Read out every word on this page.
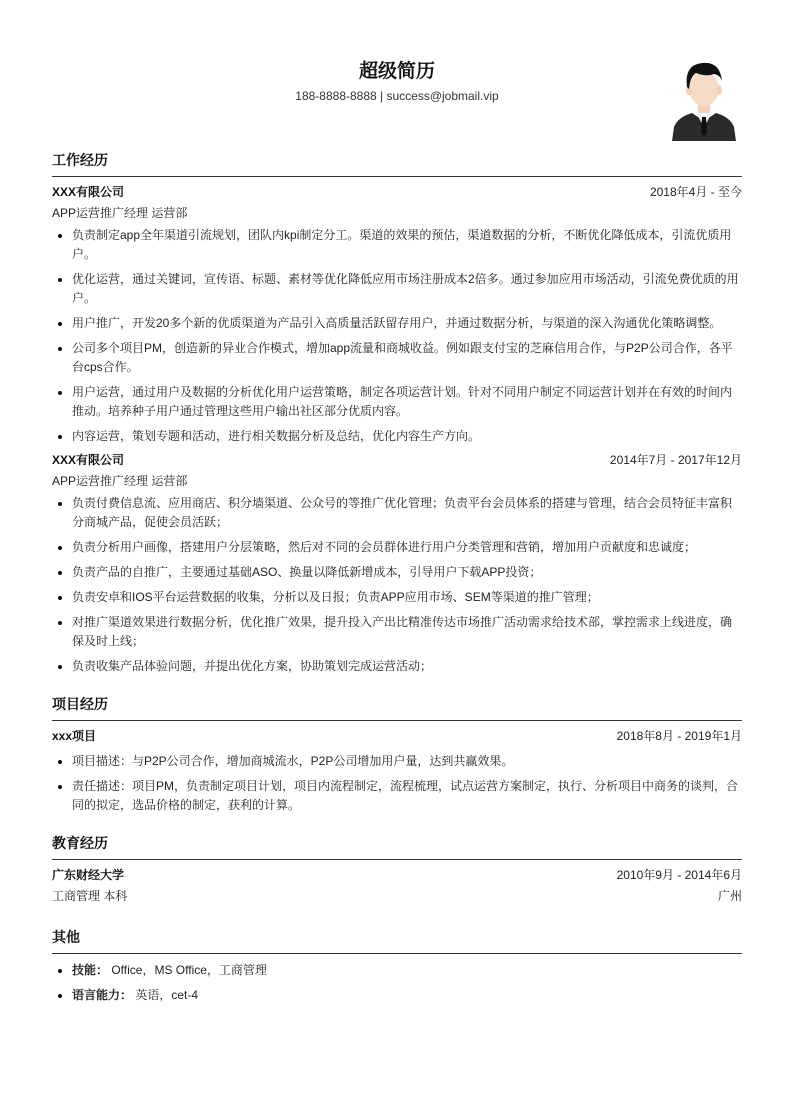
超级简历
188-8888-8888 | success@jobmail.vip
工作经历
XXX有限公司	2018年4月 - 至今
APP运营推广经理 运营部
• 负责制定app全年渠道引流规划，团队内kpi制定分工。渠道的效果的预估，渠道数据的分析，不断优化降低成本，引流优质用户。
• 优化运营，通过关键词，宣传语、标题、素材等优化降低应用市场注册成本2倍多。通过参加应用市场活动，引流免费优质的用户。
• 用户推广，开发20多个新的优质渠道为产品引入高质量活跃留存用户，并通过数据分析，与渠道的深入沟通优化策略调整。
• 公司多个项目PM，创造新的异业合作模式，增加app流量和商城收益。例如跟支付宝的芝麻信用合作，与P2P公司合作，各平台cps合作。
• 用户运营，通过用户及数据的分析优化用户运营策略，制定各项运营计划。针对不同用户制定不同运营计划并在有效的时间内推动。培养种子用户通过管理这些用户输出社区部分优质内容。
• 内容运营，策划专题和活动，进行相关数据分析及总结，优化内容生产方向。
XXX有限公司	2014年7月 - 2017年12月
APP运营推广经理 运营部
• 负责付费信息流、应用商店、积分墙渠道、公众号的等推广优化管理；负责平台会员体系的搭建与管理，结合会员特征丰富积分商城产品，促使会员活跃；
• 负责分析用户画像，搭建用户分层策略，然后对不同的会员群体进行用户分类管理和营销，增加用户贡献度和忠诚度；
• 负责产品的自推广，主要通过基础ASO、换量以降低新增成本，引导用户下载APP投资；
• 负责安卓和IOS平台运营数据的收集，分析以及日报；负责APP应用市场、SEM等渠道的推广管理；
• 对推广渠道效果进行数据分析，优化推广效果，提升投入产出比精准传达市场推广活动需求给技术部，掌控需求上线进度，确保及时上线；
• 负责收集产品体验问题，并提出优化方案，协助策划完成运营活动；
项目经历
xxx项目	2018年8月 - 2019年1月
• 项目描述：与P2P公司合作，增加商城流水，P2P公司增加用户量，达到共赢效果。
• 责任描述：项目PM，负责制定项目计划，项目内流程制定，流程梳理，试点运营方案制定，执行、分析项目中商务的谈判，合同的拟定，选品价格的制定，获利的计算。
教育经历
广东财经大学	2010年9月 - 2014年6月
工商管理 本科	广州
其他
• 技能： Office，MS Office，工商管理
• 语言能力： 英语，cet-4
